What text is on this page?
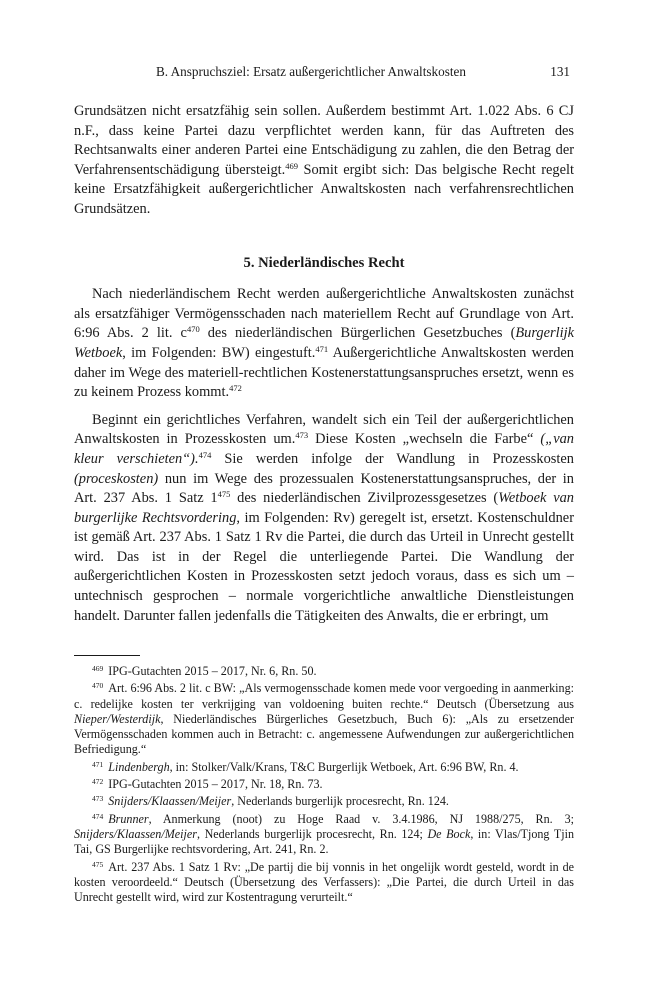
B. Anspruchsziel: Ersatz außergerichtlicher Anwaltskosten	131

Grundsätzen nicht ersatzfähig sein sollen. Außerdem bestimmt Art. 1.022 Abs. 6 CJ n.F., dass keine Partei dazu verpflichtet werden kann, für das Auftreten des Rechtsanwalts einer anderen Partei eine Entschädigung zu zahlen, die den Betrag der Verfahrensentschädigung übersteigt.$^{469}$ Somit ergibt sich: Das belgische Recht regelt keine Ersatzfähigkeit außergerichtlicher Anwaltskosten nach verfahrensrechtlichen Grundsätzen.

5. Niederländisches Recht

Nach niederländischem Recht werden außergerichtliche Anwaltskosten zunächst als ersatzfähiger Vermögensschaden nach materiellem Recht auf Grundlage von Art. 6:96 Abs. 2 lit. $c^{470}$ des niederländischen Bürgerlichen Gesetzbuches (Burgerlijk Wetboek, im Folgenden: BW) eingestuft.$^{471}$ Außergerichtliche Anwaltskosten werden daher im Wege des materiell-rechtlichen Kostenerstattungsanspruches ersetzt, wenn es zu keinem Prozess kommt.$^{472}$

Beginnt ein gerichtliches Verfahren, wandelt sich ein Teil der außergerichtlichen Anwaltskosten in Prozesskosten um.$^{473}$ Diese Kosten „wechseln die Farbe“ („van kleur verschieten“).$^{474}$ Sie werden infolge der Wandlung in Prozesskosten (proceskosten) nun im Wege des prozessualen Kostenerstattungsanspruches, der in Art. 237 Abs. 1 Satz $1^{475}$ des niederländischen Zivilprozessgesetzes (Wetboek van burgerlijke Rechtsvordering, im Folgenden: Rv) geregelt ist, ersetzt. Kostenschuldner ist gemäß Art. 237 Abs. 1 Satz 1 Rv die Partei, die durch das Urteil in Unrecht gestellt wird. Das ist in der Regel die unterliegende Partei. Die Wandlung der außergerichtlichen Kosten in Prozesskosten setzt jedoch voraus, dass es sich um – untechnisch gesprochen – normale vorgerichtliche anwaltliche Dienstleistungen handelt. Darunter fallen jedenfalls die Tätigkeiten des Anwalts, die er erbringt, um

$^{469}$ IPG-Gutachten 2015 – 2017, Nr. 6, Rn. 50.

$^{470}$ Art. 6:96 Abs. 2 lit. c BW: „Als vermogensschade komen mede voor vergoeding in aanmerking: c. redelijke kosten ter verkrijging van voldoening buiten rechte.“ Deutsch (Übersetzung aus Nieper/Westerdijk, Niederländisches Bürgerliches Gesetzbuch, Buch 6): „Als zu ersetzender Vermögensschaden kommen auch in Betracht: c. angemessene Aufwendungen zur außergerichtlichen Befriedigung.“

$^{471}$ Lindenbergh, in: Stolker/Valk/Krans, T&C Burgerlijk Wetboek, Art. 6:96 BW, Rn. 4.

$^{472}$ IPG-Gutachten 2015 – 2017, Nr. 18, Rn. 73.

$^{473}$ Snijders/Klaassen/Meijer, Nederlands burgerlijk procesrecht, Rn. 124.

$^{474}$ Brunner, Anmerkung (noot) zu Hoge Raad v. 3.4.1986, NJ 1988/275, Rn. 3; Snijders/Klaassen/Meijer, Nederlands burgerlijk procesrecht, Rn. 124; De Bock, in: Vlas/Tjong Tjin Tai, GS Burgerlijke rechtsvordering, Art. 241, Rn. 2.

$^{475}$ Art. 237 Abs. 1 Satz 1 Rv: „De partij die bij vonnis in het ongelijk wordt gesteld, wordt in de kosten veroordeeld.“ Deutsch (Übersetzung des Verfassers): „Die Partei, die durch Urteil in das Unrecht gestellt wird, wird zur Kostentragung verurteilt.“
